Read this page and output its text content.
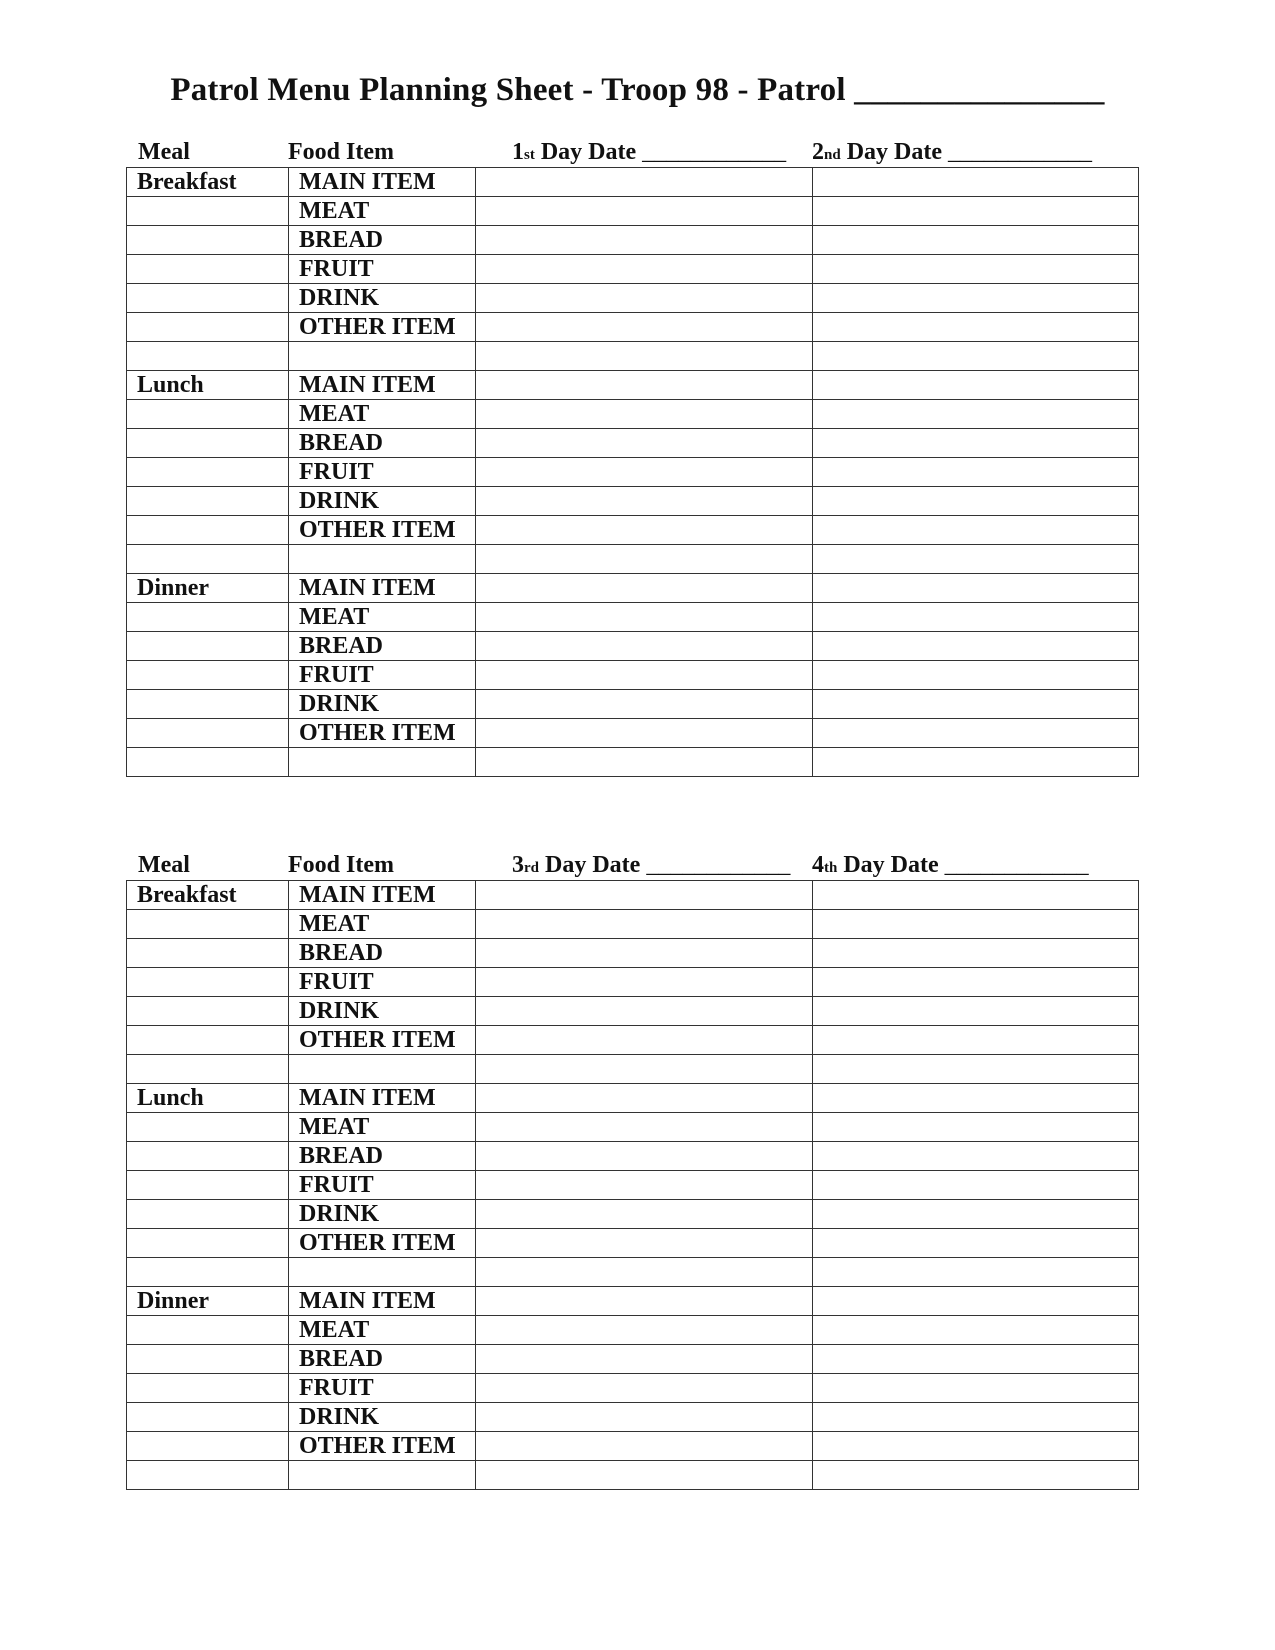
Patrol Menu Planning Sheet - Troop 98 - Patrol _______________
Meal	Food Item	1st Day Date ____________ 2nd Day Date ____________
Breakfast	MAIN ITEM		
	MEAT		
	BREAD		
	FRUIT		
	DRINK		
	OTHER ITEM		

Lunch	MAIN ITEM		
	MEAT		
	BREAD		
	FRUIT		
	DRINK		
	OTHER ITEM		

Dinner	MAIN ITEM		
	MEAT		
	BREAD		
	FRUIT		
	DRINK		
	OTHER ITEM		

Meal	Food Item	3rd Day Date ____________ 4th Day Date ____________
Breakfast	MAIN ITEM		
	MEAT		
	BREAD		
	FRUIT		
	DRINK		
	OTHER ITEM		

Lunch	MAIN ITEM		
	MEAT		
	BREAD		
	FRUIT		
	DRINK		
	OTHER ITEM		

Dinner	MAIN ITEM		
	MEAT		
	BREAD		
	FRUIT		
	DRINK		
	OTHER ITEM		
